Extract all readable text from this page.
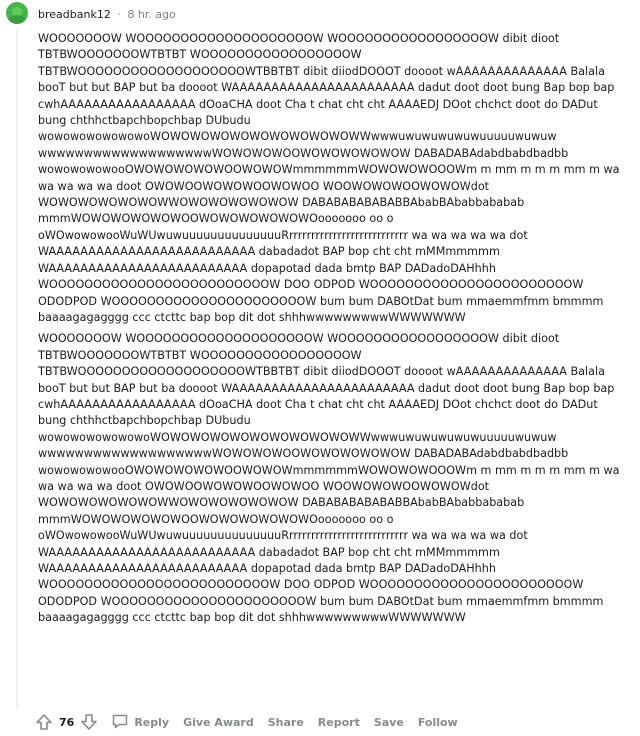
breadbank12 · 8 hr. ago

WOOOOOOOW WOOOOOOOOOOOOOOOOOOOOW WOOOOOOOOOOOOOOOOOW dibit dioot TBTBWOOOOOOOWTBTBT WOOOOOOOOOOOOOOOOOW TBTBWOOOOOOOOOOOOOOOOOOOWTBBTBT dibit diiodDOOOT doooot wAAAAAAAAAAAAAA Balala booT but but BAP but ba doooot WAAAAAAAAAAAAAAAAAAAAAAA dadut doot doot bung Bap bop bap cwhAAAAAAAAAAAAAAAAA dOoaCHA doot Cha t chat cht cht AAAAEDJ DOot chchct doot do DADut bung chthhctbapchbopchbap DUbudu wowowowowowowoWOWOWOWOWOWOWOWOWOWOWWwwwuwuwuwuwuwuuuuuwuwuw wwwwwwwwwwwwwwwwwwwWOWOWOWOOWOWOWOWOWOW DABADABAdabdbabdbadbb wowowowowooOWOWOWOWOWOOWOWOWmmmmmmWOWOWOWOOOWm m mm m m m mm m wa wa wa wa wa doot OWOWOOWOWOWOOWOWOO WOOWOWOWOOWOWOWdot WOWOWOWOWOWOWWOWOWOWOWOWOW DABABABABABABBAbabBAbabbababab mmmWOWOWOWOWOWOOWOWOWOWOWOWOooooooo oo o oWOwowowooWuWUwuwuuuuuuuuuuuuuuRrrrrrrrrrrrrrrrrrrrrrrrrrrr wa wa wa wa wa dot WAAAAAAAAAAAAAAAAAAAAAAAAAA dabadadot BAP bop cht cht mMMmmmmm WAAAAAAAAAAAAAAAAAAAAAAAAA dopapotad dada bmtp BAP DADadoDAHhhh WOOOOOOOOOOOOOOOOOOOOOOOOOW DOO ODPOD WOOOOOOOOOOOOOOOOOOOOOOOW ODODPOD WOOOOOOOOOOOOOOOOOOOOOOW bum bum DABOtDat bum mmaemmfmm bmmmm baaaagagagggg ccc ctcttc bap bop dit dot shhhwwwwwwwwwWWWWWWW

WOOOOOOOW WOOOOOOOOOOOOOOOOOOOOW WOOOOOOOOOOOOOOOOOW dibit dioot TBTBWOOOOOOOWTBTBT WOOOOOOOOOOOOOOOOOW TBTBWOOOOOOOOOOOOOOOOOOOWTBBTBT dibit diiodDOOOT doooot wAAAAAAAAAAAAAA Balala booT but but BAP but ba doooot WAAAAAAAAAAAAAAAAAAAAAAA dadut doot doot bung Bap bop bap cwhAAAAAAAAAAAAAAAAA dOoaCHA doot Cha t chat cht cht AAAAEDJ DOot chchct doot do DADut bung chthhctbapchbopchbap DUbudu wowowowowowowoWOWOWOWOWOWOWOWOWOWOWWwwwuwuwuwuwuwuuuuuwuwuw wwwwwwwwwwwwwwwwwwwWOWOWOWOOWOWOWOWOWOW DABADABAdabdbabdbadbb wowowowowooOWOWOWOWOWOOWOWOWmmmmmmWOWOWOWOOOWm m mm m m m mm m wa wa wa wa wa doot OWOWOOWOWOWOOWOWOO WOOWOWOWOOWOWOWdot WOWOWOWOWOWOWWOWOWOWOWOWOW DABABABABABABBAbabBAbabbababab mmmWOWOWOWOWOWOOWOWOWOWOWOWOooooooo oo o oWOwowowooWuWUwuwuuuuuuuuuuuuuuRrrrrrrrrrrrrrrrrrrrrrrrrrrr wa wa wa wa wa dot WAAAAAAAAAAAAAAAAAAAAAAAAAA dabadadot BAP bop cht cht mMMmmmmm WAAAAAAAAAAAAAAAAAAAAAAAAA dopapotad dada bmtp BAP DADadoDAHhhh WOOOOOOOOOOOOOOOOOOOOOOOOOW DOO ODPOD WOOOOOOOOOOOOOOOOOOOOOOOW ODODPOD WOOOOOOOOOOOOOOOOOOOOOOW bum bum DABOtDat bum mmaemmfmm bmmmm baaaagagagggg ccc ctcttc bap bop dit dot shhhwwwwwwwwwWWWWWWW

76	Reply Give Award Share Report Save Follow
